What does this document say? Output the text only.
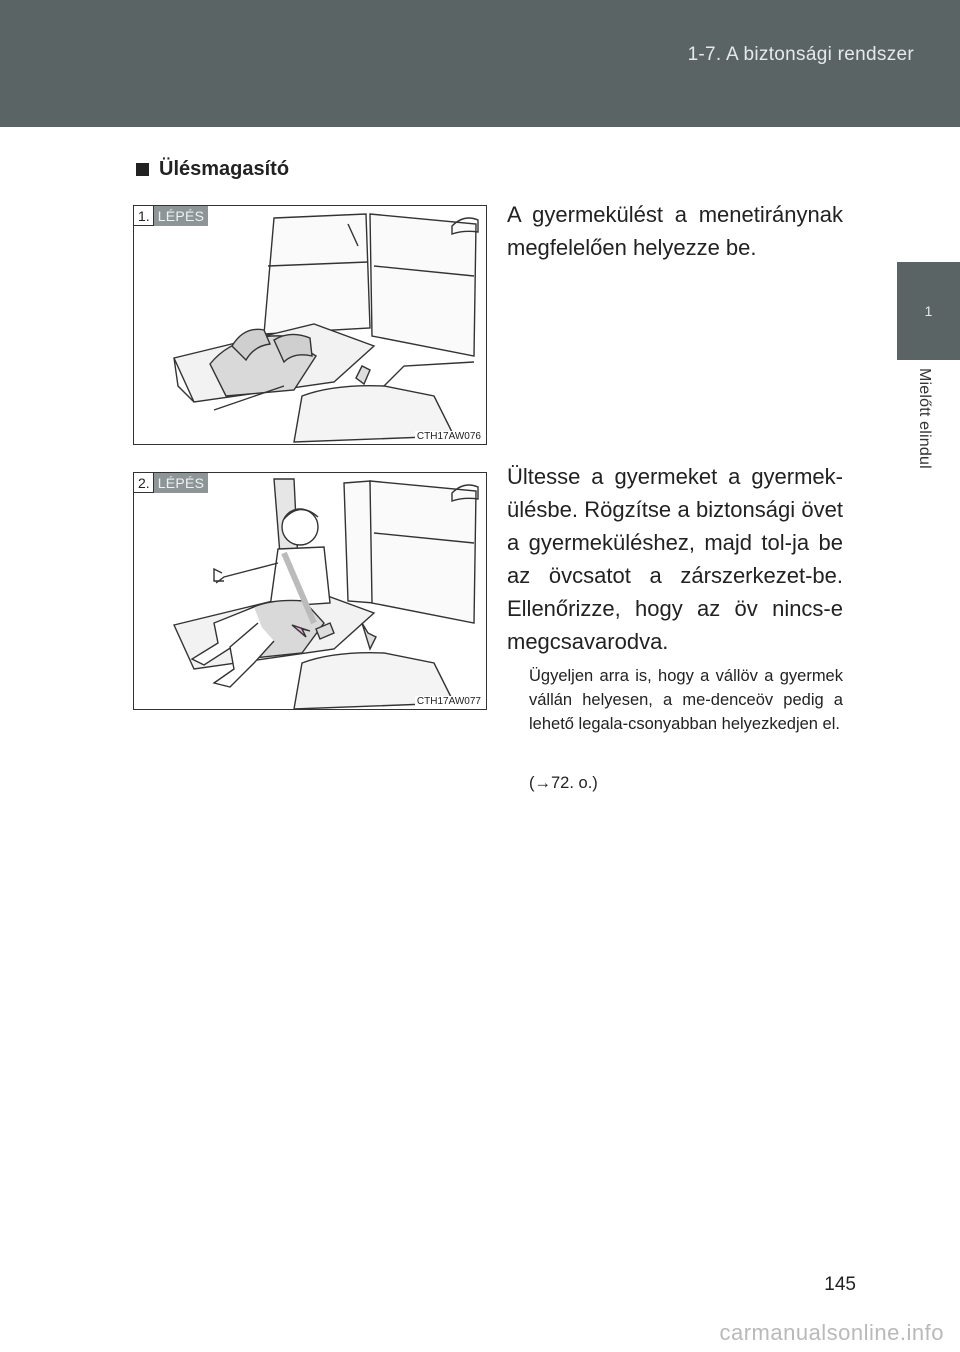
1-7. A biztonsági rendszer
1
Mielőtt elindul
Ülésmagasító
1. LÉPÉS
CTH17AW076
A gyermekülést a menetiránynak megfelelően helyezze be.
2. LÉPÉS
CTH17AW077
Ültesse a gyermeket a gyermek-ülésbe. Rögzítse a biztonsági övet a gyermeküléshez, majd tol-ja be az övcsatot a zárszerkezet-be. Ellenőrizze, hogy az öv nincs-e megcsavarodva.
Ügyeljen arra is, hogy a vállöv a gyermek vállán helyesen, a me-denceöv pedig a lehető legala-csonyabban helyezkedjen el.
(→72. o.)
145
carmanualsonline.info
